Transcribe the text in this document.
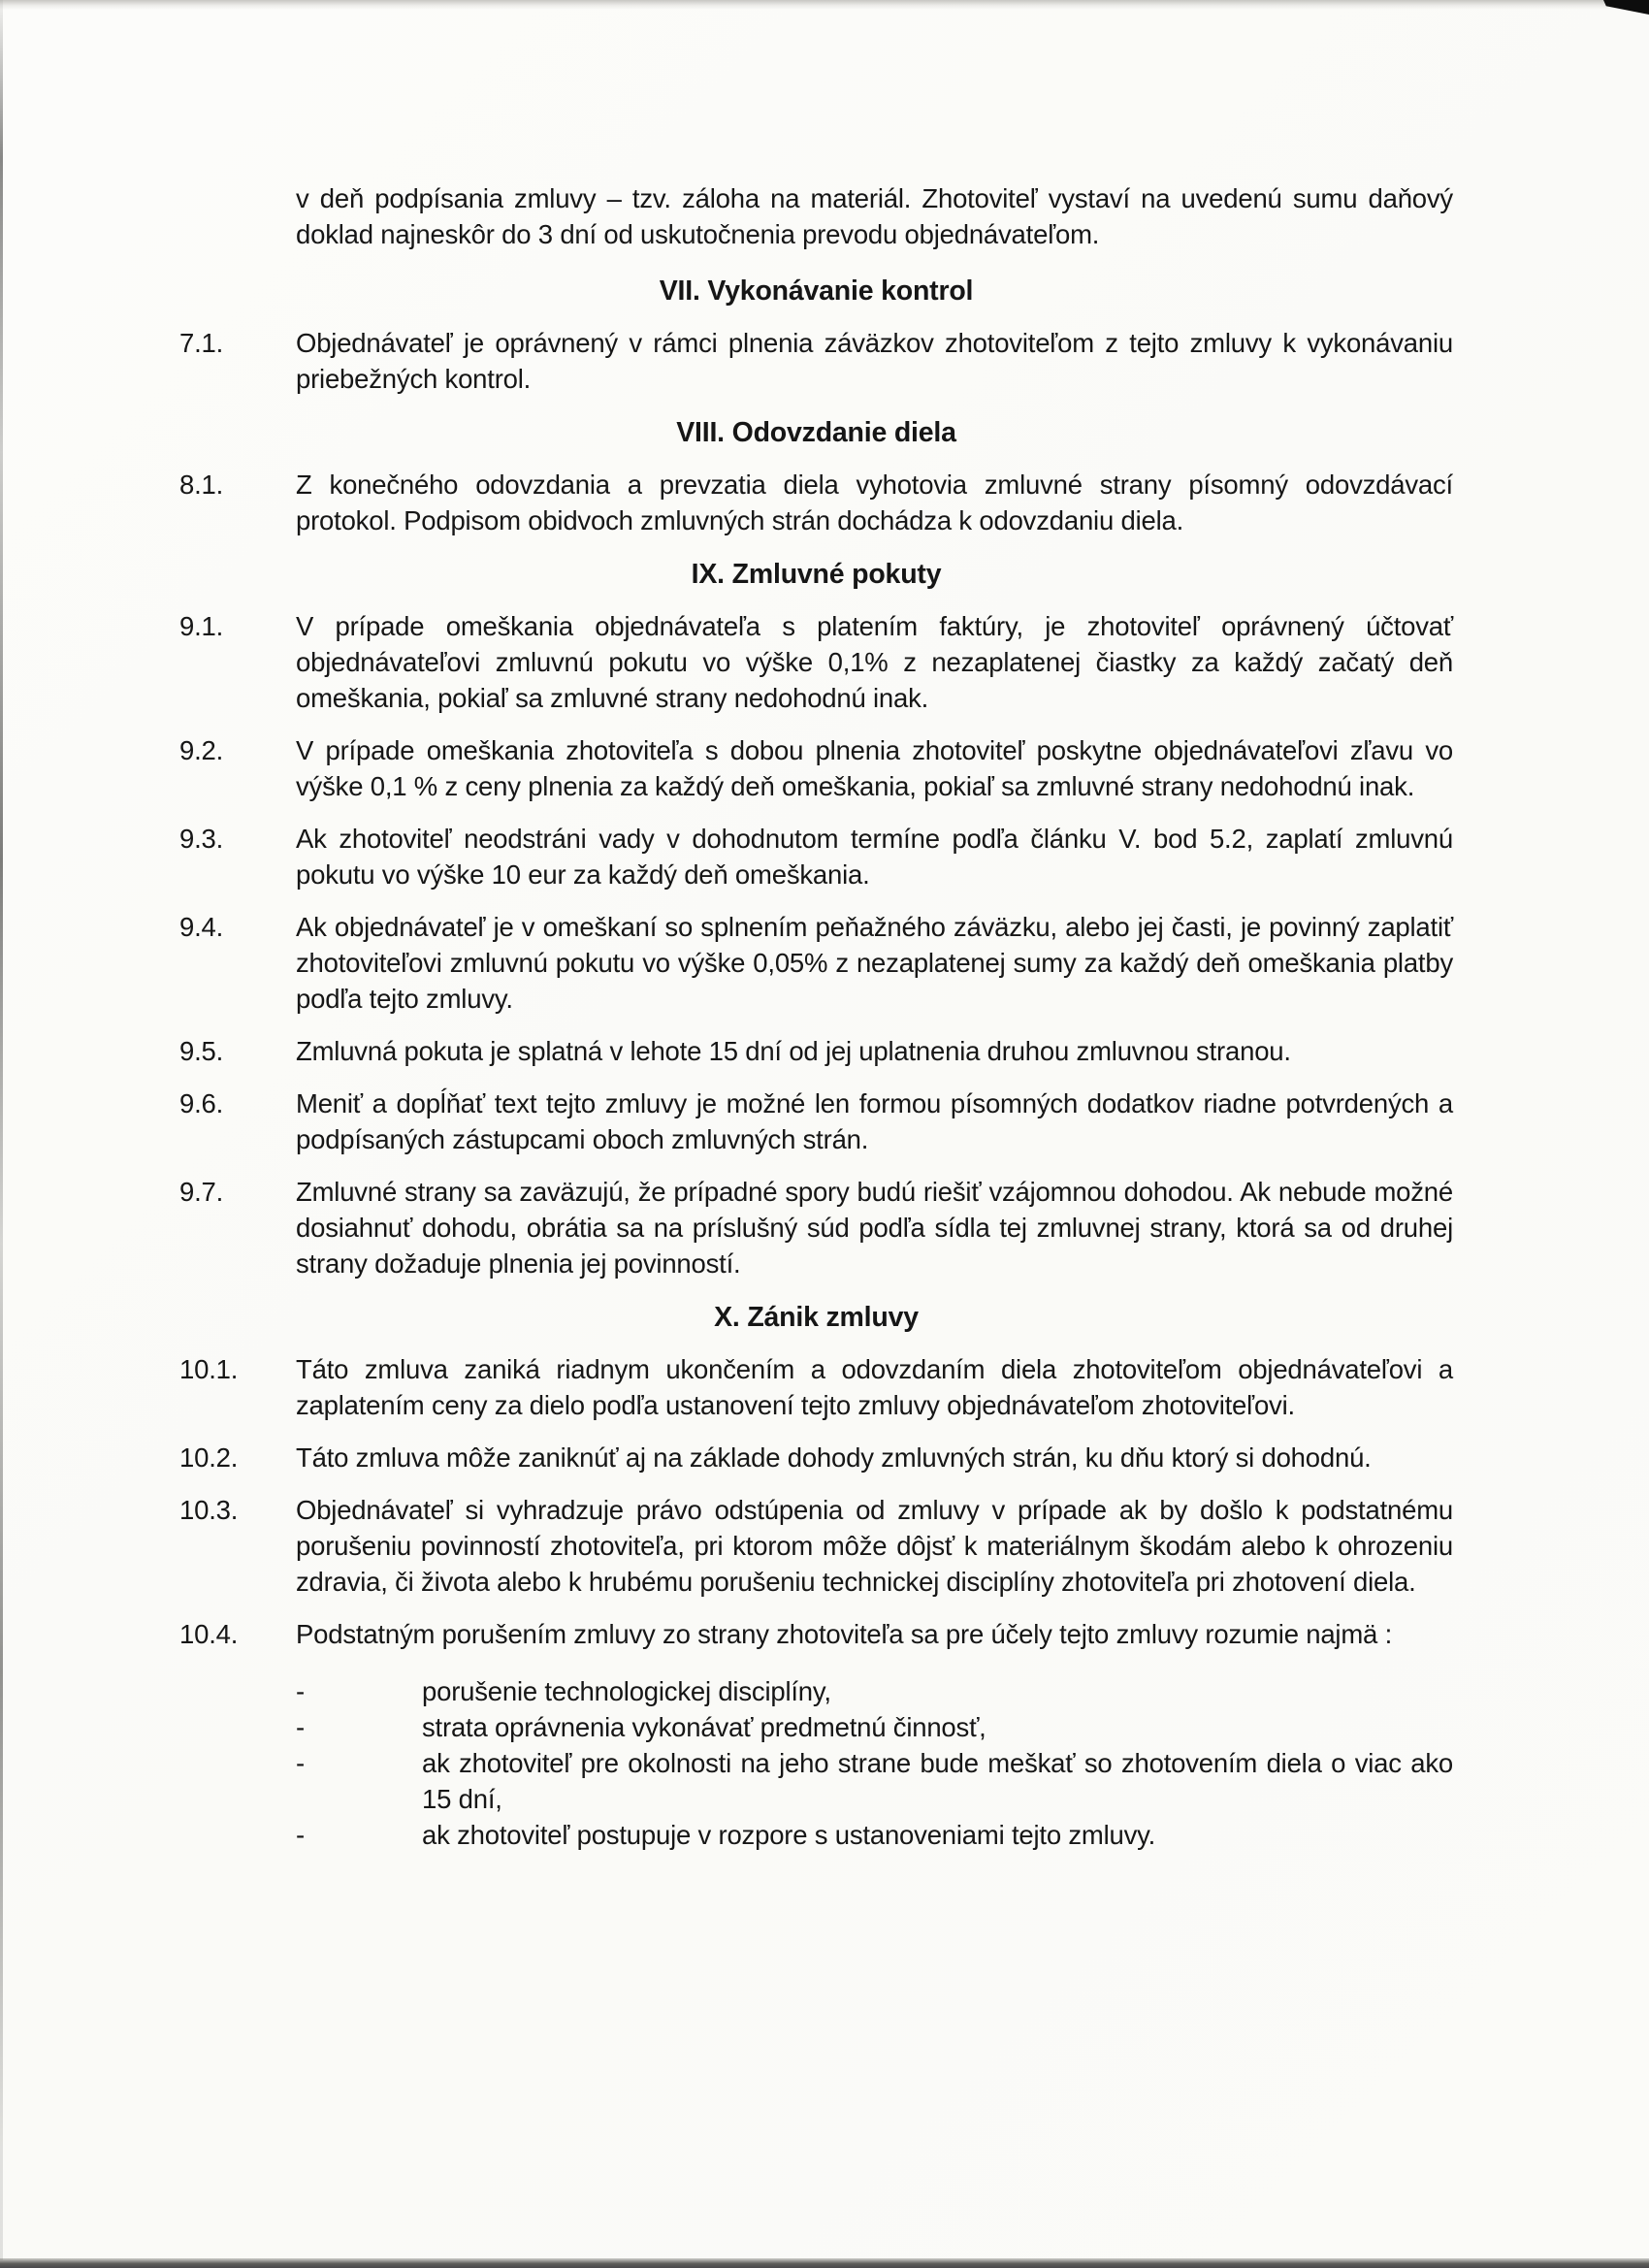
v deň podpísania zmluvy – tzv. záloha na materiál. Zhotoviteľ vystaví na uvedenú sumu daňový doklad najneskôr do 3 dní od uskutočnenia prevodu objednávateľom.

VII. Vykonávanie kontrol
7.1.	Objednávateľ je oprávnený v rámci plnenia záväzkov zhotoviteľom z tejto zmluvy k vykonávaniu priebežných kontrol.

VIII. Odovzdanie diela
8.1.	Z konečného odovzdania a prevzatia diela vyhotovia zmluvné strany písomný odovzdávací protokol. Podpisom obidvoch zmluvných strán dochádza k odovzdaniu diela.

IX. Zmluvné pokuty
9.1.	V prípade omeškania objednávateľa s platením faktúry, je zhotoviteľ oprávnený účtovať objednávateľovi zmluvnú pokutu vo výške 0,1% z nezaplatenej čiastky za každý začatý deň omeškania, pokiaľ sa zmluvné strany nedohodnú inak.

9.2.	V prípade omeškania zhotoviteľa s dobou plnenia zhotoviteľ poskytne objednávateľovi zľavu vo výške 0,1 % z ceny plnenia za každý deň omeškania, pokiaľ sa zmluvné strany nedohodnú inak.

9.3.	Ak zhotoviteľ neodstráni vady v dohodnutom termíne podľa článku V. bod 5.2, zaplatí zmluvnú pokutu vo výške 10 eur za každý deň omeškania.

9.4.	Ak objednávateľ je v omeškaní so splnením peňažného záväzku, alebo jej časti, je povinný zaplatiť zhotoviteľovi zmluvnú pokutu vo výške 0,05% z nezaplatenej sumy za každý deň omeškania platby podľa tejto zmluvy.

9.5.	Zmluvná pokuta je splatná v lehote 15 dní od jej uplatnenia druhou zmluvnou stranou.

9.6.	Meniť a dopĺňať text tejto zmluvy je možné len formou písomných dodatkov riadne potvrdených a podpísaných zástupcami oboch zmluvných strán.

9.7.	Zmluvné strany sa zaväzujú, že prípadné spory budú riešiť vzájomnou dohodou. Ak nebude možné dosiahnuť dohodu, obrátia sa na príslušný súd podľa sídla tej zmluvnej strany, ktorá sa od druhej strany dožaduje plnenia jej povinností.

X. Zánik zmluvy
10.1.	Táto zmluva zaniká riadnym ukončením a odovzdaním diela zhotoviteľom objednávateľovi a zaplatením ceny za dielo podľa ustanovení tejto zmluvy objednávateľom zhotoviteľovi.

10.2.	Táto zmluva môže zaniknúť aj na základe dohody zmluvných strán, ku dňu ktorý si dohodnú.

10.3.	Objednávateľ si vyhradzuje právo odstúpenia od zmluvy v prípade ak by došlo k podstatnému porušeniu povinností zhotoviteľa, pri ktorom môže dôjsť k materiálnym škodám alebo k ohrozeniu zdravia, či života alebo k hrubému porušeniu technickej disciplíny zhotoviteľa pri zhotovení diela.

10.4.	Podstatným porušením zmluvy zo strany zhotoviteľa sa pre účely tejto zmluvy rozumie najmä :

-	porušenie technologickej disciplíny,

-	strata oprávnenia vykonávať predmetnú činnosť,

-	ak zhotoviteľ pre okolnosti na jeho strane bude meškať so zhotovením diela o viac ako 15 dní,

-	ak zhotoviteľ postupuje v rozpore s ustanoveniami tejto zmluvy.
